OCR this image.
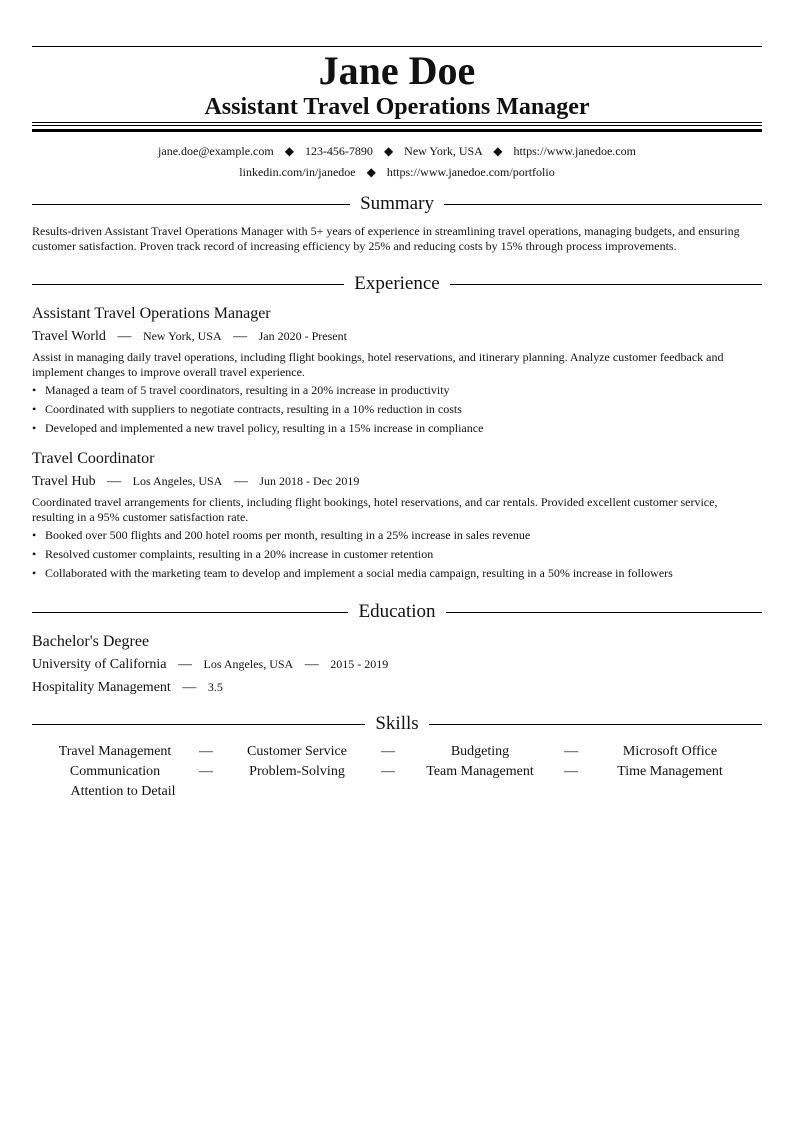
Jane Doe
Assistant Travel Operations Manager
jane.doe@example.com ◆ 123-456-7890 ◆ New York, USA ◆ https://www.janedoe.com
linkedin.com/in/janedoe ◆ https://www.janedoe.com/portfolio
Summary
Results-driven Assistant Travel Operations Manager with 5+ years of experience in streamlining travel operations, managing budgets, and ensuring customer satisfaction. Proven track record of increasing efficiency by 25% and reducing costs by 15% through process improvements.
Experience
Assistant Travel Operations Manager
Travel World — New York, USA — Jan 2020 - Present
Assist in managing daily travel operations, including flight bookings, hotel reservations, and itinerary planning. Analyze customer feedback and implement changes to improve overall travel experience.
• Managed a team of 5 travel coordinators, resulting in a 20% increase in productivity
• Coordinated with suppliers to negotiate contracts, resulting in a 10% reduction in costs
• Developed and implemented a new travel policy, resulting in a 15% increase in compliance
Travel Coordinator
Travel Hub — Los Angeles, USA — Jun 2018 - Dec 2019
Coordinated travel arrangements for clients, including flight bookings, hotel reservations, and car rentals. Provided excellent customer service, resulting in a 95% customer satisfaction rate.
• Booked over 500 flights and 200 hotel rooms per month, resulting in a 25% increase in sales revenue
• Resolved customer complaints, resulting in a 20% increase in customer retention
• Collaborated with the marketing team to develop and implement a social media campaign, resulting in a 50% increase in followers
Education
Bachelor's Degree
University of California — Los Angeles, USA — 2015 - 2019
Hospitality Management — 3.5
Skills
Travel Management	—	Customer Service	—	Budgeting	—	Microsoft Office
Communication	—	Problem-Solving	—	Team Management	—	Time Management
Attention to Detail
